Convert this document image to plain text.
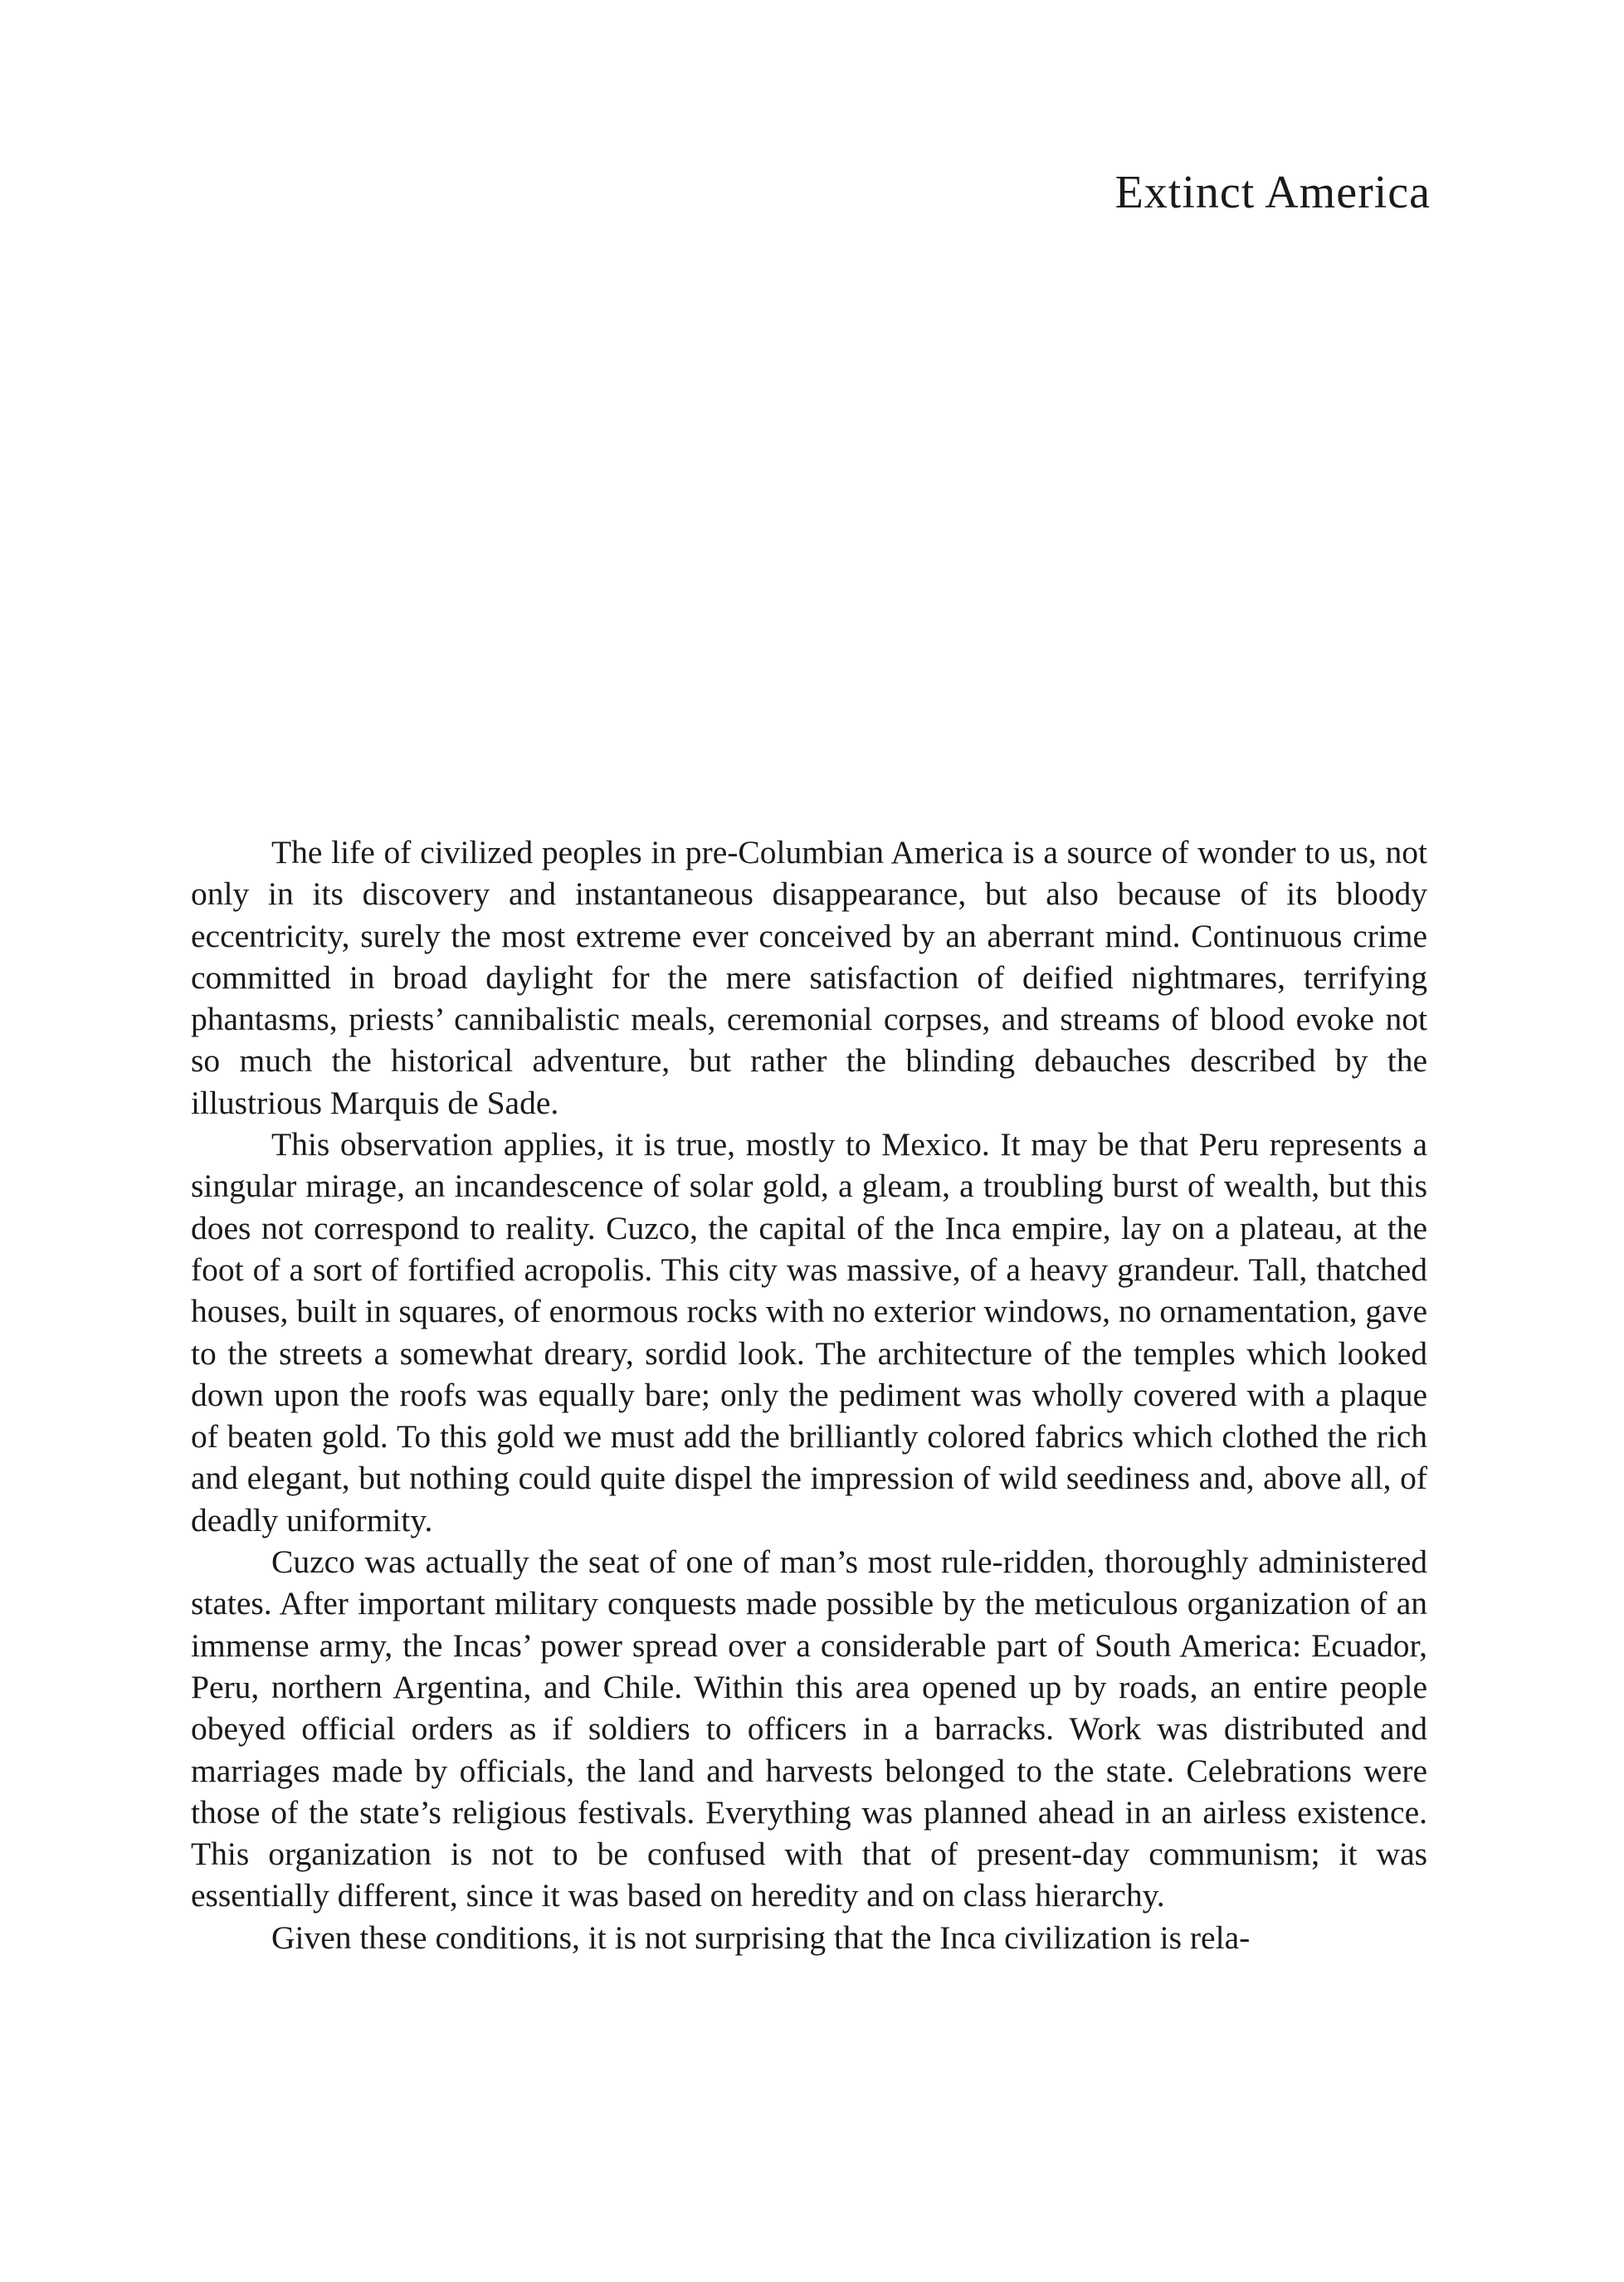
Extinct America

The life of civilized peoples in pre-Columbian America is a source of wonder to us, not only in its discovery and instantaneous disappearance, but also because of its bloody eccentricity, surely the most extreme ever conceived by an aberrant mind. Continuous crime committed in broad daylight for the mere satisfaction of deified nightmares, terrifying phantasms, priests’ cannibalistic meals, ceremonial corpses, and streams of blood evoke not so much the historical adventure, but rather the blinding debauches described by the illustrious Marquis de Sade.

This observation applies, it is true, mostly to Mexico. It may be that Peru represents a singular mirage, an incandescence of solar gold, a gleam, a troubling burst of wealth, but this does not correspond to reality. Cuzco, the capital of the Inca empire, lay on a plateau, at the foot of a sort of fortified acropolis. This city was massive, of a heavy grandeur. Tall, thatched houses, built in squares, of enormous rocks with no exterior windows, no ornamentation, gave to the streets a somewhat dreary, sordid look. The architecture of the temples which looked down upon the roofs was equally bare; only the pediment was wholly covered with a plaque of beaten gold. To this gold we must add the brilliantly colored fabrics which clothed the rich and elegant, but nothing could quite dispel the impression of wild seediness and, above all, of deadly uniformity.

Cuzco was actually the seat of one of man’s most rule-ridden, thoroughly administered states. After important military conquests made possible by the meticulous organization of an immense army, the Incas’ power spread over a considerable part of South America: Ecuador, Peru, northern Argentina, and Chile. Within this area opened up by roads, an entire people obeyed official orders as if soldiers to officers in a barracks. Work was distributed and marriages made by officials, the land and harvests belonged to the state. Celebrations were those of the state’s religious festivals. Everything was planned ahead in an airless existence. This organization is not to be confused with that of present-day communism; it was essentially different, since it was based on heredity and on class hierarchy.

Given these conditions, it is not surprising that the Inca civilization is rela-
